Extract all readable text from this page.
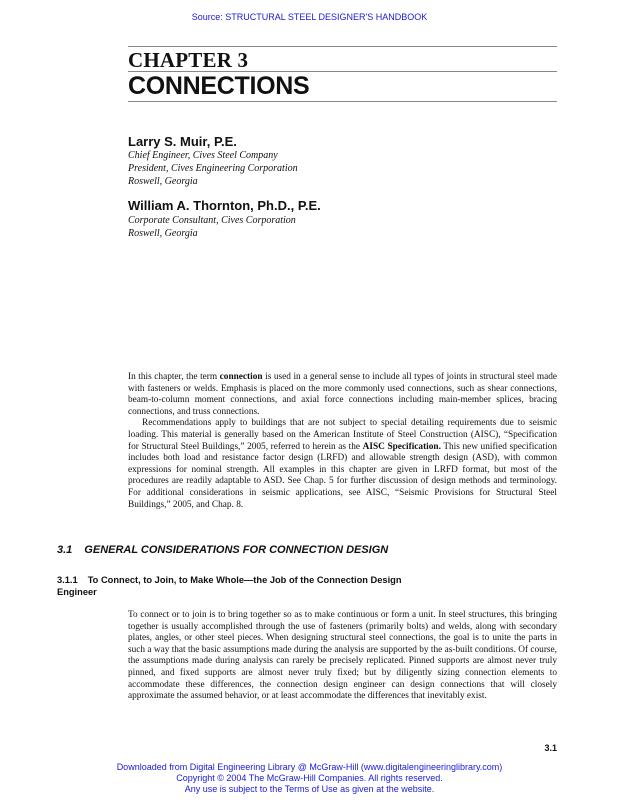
Source: STRUCTURAL STEEL DESIGNER'S HANDBOOK
CHAPTER 3
CONNECTIONS
Larry S. Muir, P.E.
Chief Engineer, Cives Steel Company
President, Cives Engineering Corporation
Roswell, Georgia
William A. Thornton, Ph.D., P.E.
Corporate Consultant, Cives Corporation
Roswell, Georgia

In this chapter, the term connection is used in a general sense to include all types of joints in structural steel made with fasteners or welds. Emphasis is placed on the more commonly used connections, such as shear connections, beam-to-column moment connections, and axial force connections including main-member splices, bracing connections, and truss connections.

Recommendations apply to buildings that are not subject to special detailing requirements due to seismic loading. This material is generally based on the American Institute of Steel Construction (AISC), “Specification for Structural Steel Buildings,” 2005, referred to herein as the AISC Specification. This new unified specification includes both load and resistance factor design (LRFD) and allowable strength design (ASD), with common expressions for nominal strength. All examples in this chapter are given in LRFD format, but most of the procedures are readily adaptable to ASD. See Chap. 5 for further discussion of design methods and terminology. For additional considerations in seismic applications, see AISC, “Seismic Provisions for Structural Steel Buildings,” 2005, and Chap. 8.

3.1 GENERAL CONSIDERATIONS FOR CONNECTION DESIGN
3.1.1 To Connect, to Join, to Make Whole—the Job of the Connection Design Engineer

To connect or to join is to bring together so as to make continuous or form a unit. In steel structures, this bringing together is usually accomplished through the use of fasteners (primarily bolts) and welds, along with secondary plates, angles, or other steel pieces. When designing structural steel connections, the goal is to unite the parts in such a way that the basic assumptions made during the analysis are supported by the as-built conditions. Of course, the assumptions made during analysis can rarely be precisely replicated. Pinned supports are almost never truly pinned, and fixed supports are almost never truly fixed; but by diligently sizing connection elements to accommodate these differences, the connection design engineer can design connections that will closely approximate the assumed behavior, or at least accommodate the differences that inevitably exist.

3.1
Downloaded from Digital Engineering Library @ McGraw-Hill (www.digitalengineeringlibrary.com)
Copyright © 2004 The McGraw-Hill Companies. All rights reserved.
Any use is subject to the Terms of Use as given at the website.
